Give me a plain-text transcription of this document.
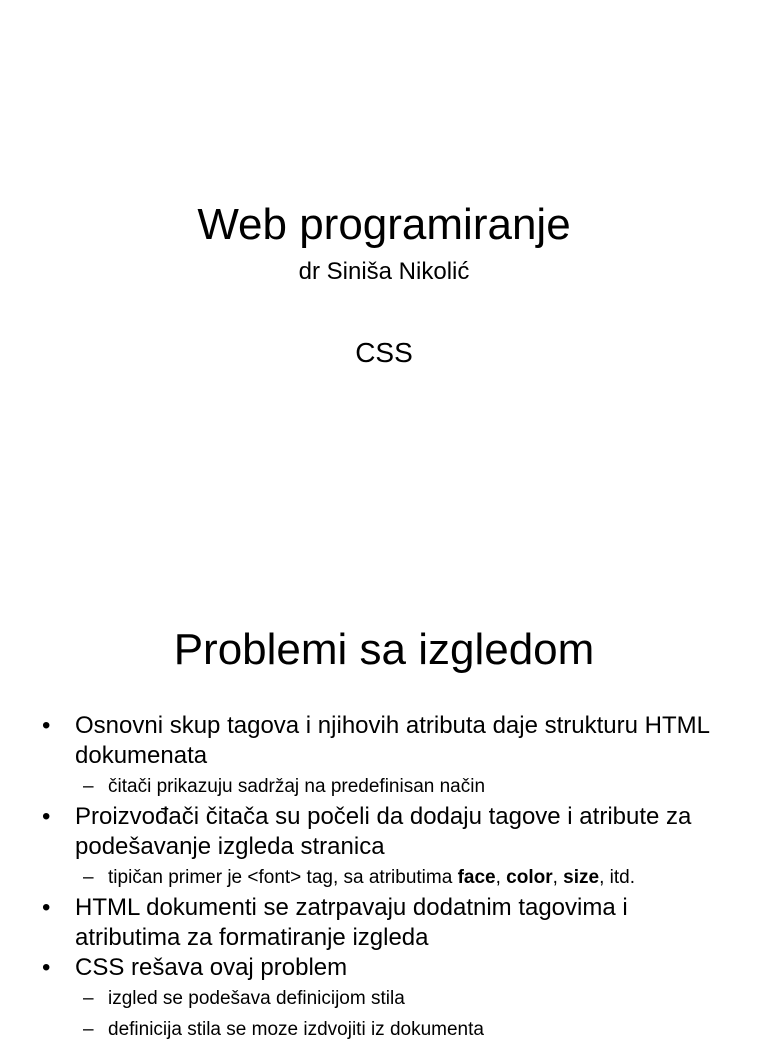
Web programiranje
dr Siniša Nikolić
CSS
Problemi sa izgledom
• Osnovni skup tagova i njihovih atributa daje strukturu HTML dokumenata
– čitači prikazuju sadržaj na predefinisan način
• Proizvođači čitača su počeli da dodaju tagove i atribute za podešavanje izgleda stranica
– tipičan primer je <font> tag, sa atributima face, color, size, itd.
• HTML dokumenti se zatrpavaju dodatnim tagovima i atributima za formatiranje izgleda
• CSS rešava ovaj problem
– izgled se podešava definicijom stila
– definicija stila se moze izdvojiti iz dokumenta
